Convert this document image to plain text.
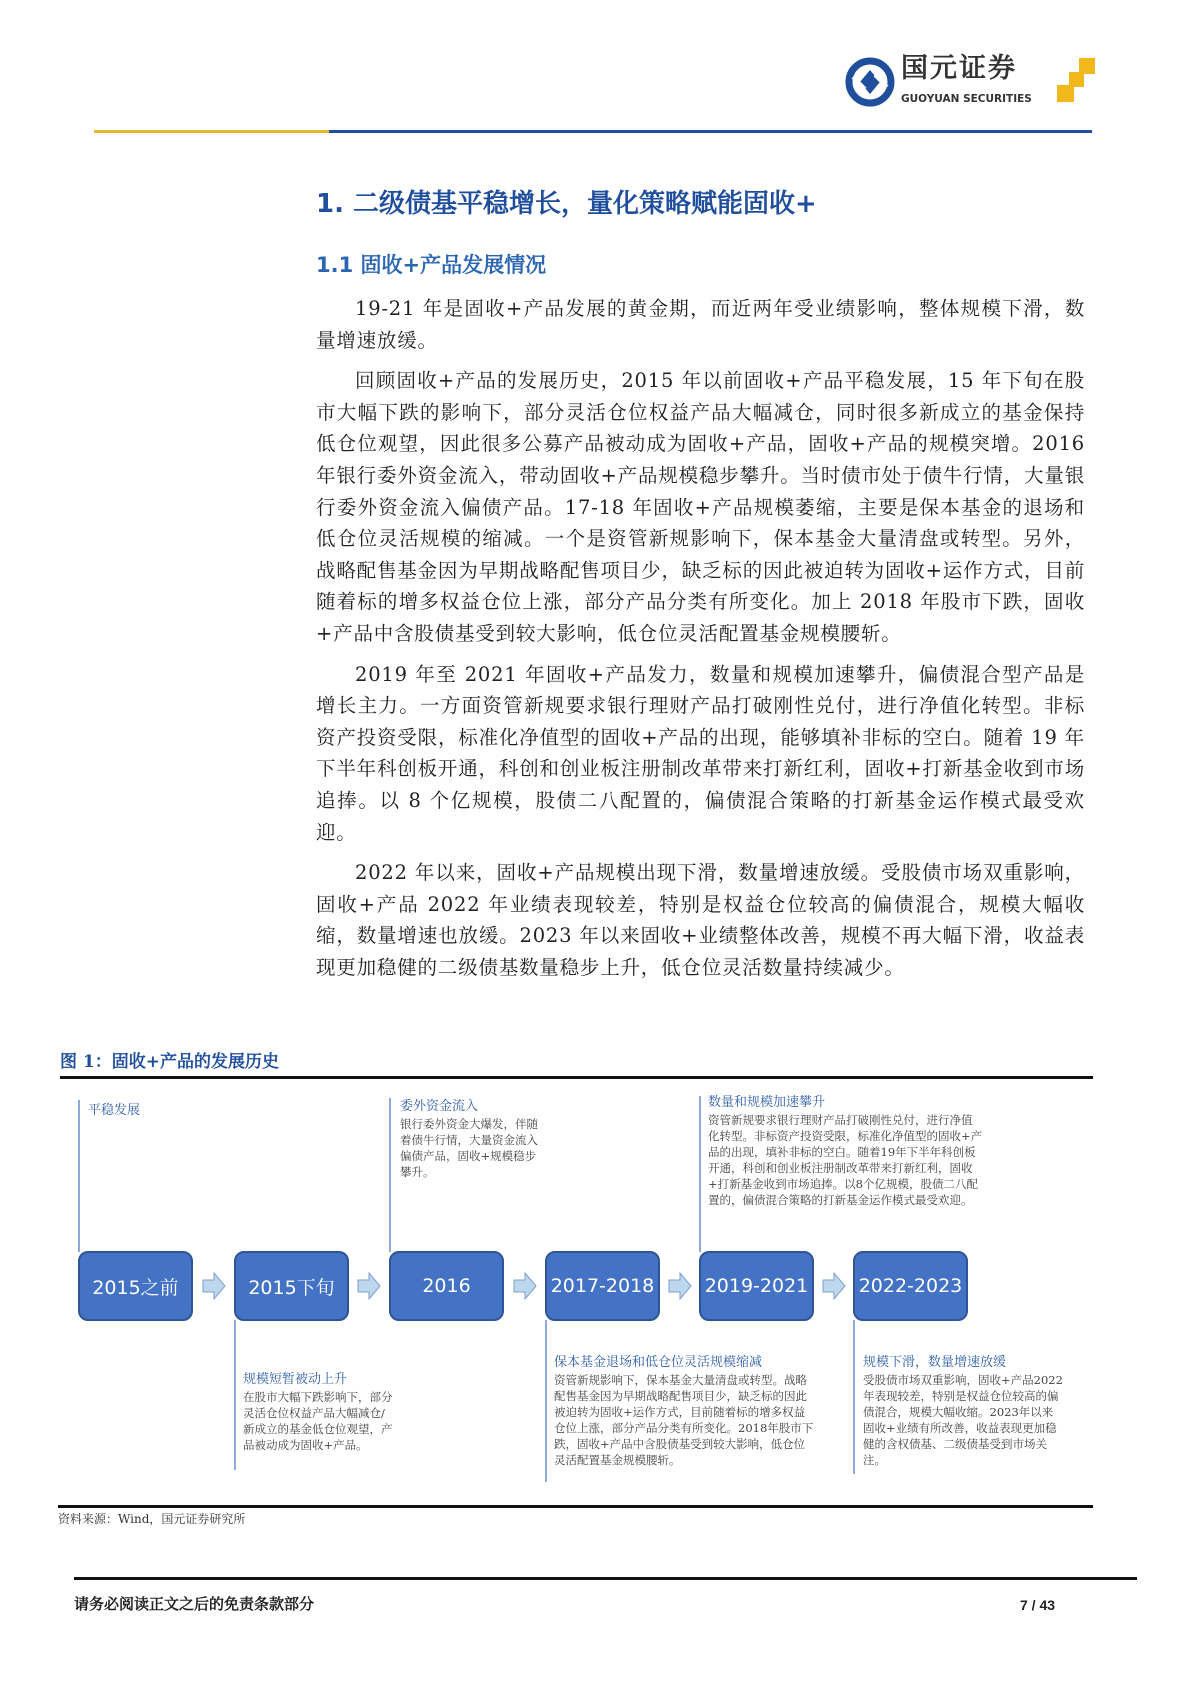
国元证券
GUOYUAN SECURITIES
1. 二级债基平稳增长，量化策略赋能固收+
1.1 固收+产品发展情况

19-21 年是固收+产品发展的黄金期，而近两年受业绩影响，整体规模下滑，数量增速放缓。

回顾固收+产品的发展历史，2015 年以前固收+产品平稳发展，15 年下旬在股市大幅下跌的影响下，部分灵活仓位权益产品大幅减仓，同时很多新成立的基金保持低仓位观望，因此很多公募产品被动成为固收+产品，固收+产品的规模突增。2016 年银行委外资金流入，带动固收+产品规模稳步攀升。当时债市处于债牛行情，大量银行委外资金流入偏债产品。17-18 年固收+产品规模萎缩，主要是保本基金的退场和低仓位灵活规模的缩减。一个是资管新规影响下，保本基金大量清盘或转型。另外，战略配售基金因为早期战略配售项目少，缺乏标的因此被迫转为固收+运作方式，目前随着标的增多权益仓位上涨，部分产品分类有所变化。加上 2018 年股市下跌，固收+产品中含股债基受到较大影响，低仓位灵活配置基金规模腰斩。

2019 年至 2021 年固收+产品发力，数量和规模加速攀升，偏债混合型产品是增长主力。一方面资管新规要求银行理财产品打破刚性兑付，进行净值化转型。非标资产投资受限，标准化净值型的固收+产品的出现，能够填补非标的空白。随着 19 年下半年科创板开通，科创和创业板注册制改革带来打新红利，固收+打新基金收到市场追捧。以 8 个亿规模，股债二八配置的，偏债混合策略的打新基金运作模式最受欢迎。

2022 年以来，固收+产品规模出现下滑，数量增速放缓。受股债市场双重影响，固收+产品 2022 年业绩表现较差，特别是权益仓位较高的偏债混合，规模大幅收缩，数量增速也放缓。2023 年以来固收+业绩整体改善，规模不再大幅下滑，收益表现更加稳健的二级债基数量稳步上升，低仓位灵活数量持续减少。

图 1：固收+产品的发展历史
2015之前	2015下旬	2016	2017-2018	2019-2021	2022-2023
平稳发展
规模短暂被动上升
在股市大幅下跌影响下，部分灵活仓位权益产品大幅减仓/新成立的基金低仓位观望，产品被动成为固收+产品。
委外资金流入
银行委外资金大爆发，伴随着债牛行情，大量资金流入偏债产品，固收+规模稳步攀升。
保本基金退场和低仓位灵活规模缩减
资管新规影响下，保本基金大量清盘或转型。战略配售基金因为早期战略配售项目少，缺乏标的因此被迫转为固收+运作方式，目前随着标的增多权益仓位上涨，部分产品分类有所变化。2018年股市下跌，固收+产品中含股债基受到较大影响，低仓位灵活配置基金规模腰斩。
数量和规模加速攀升
资管新规要求银行理财产品打破刚性兑付，进行净值化转型。非标资产投资受限，标准化净值型的固收+产品的出现，填补非标的空白。随着19年下半年科创板开通，科创和创业板注册制改革带来打新红利，固收+打新基金收到市场追捧。以8个亿规模，股债二八配置的，偏债混合策略的打新基金运作模式最受欢迎。
规模下滑，数量增速放缓
受股债市场双重影响，固收+产品2022年表现较差，特别是权益仓位较高的偏债混合，规模大幅收缩。2023年以来固收+业绩有所改善，收益表现更加稳健的含权债基、二级债基受到市场关注。
资料来源：Wind，国元证券研究所
请务必阅读正文之后的免责条款部分	7 / 43
